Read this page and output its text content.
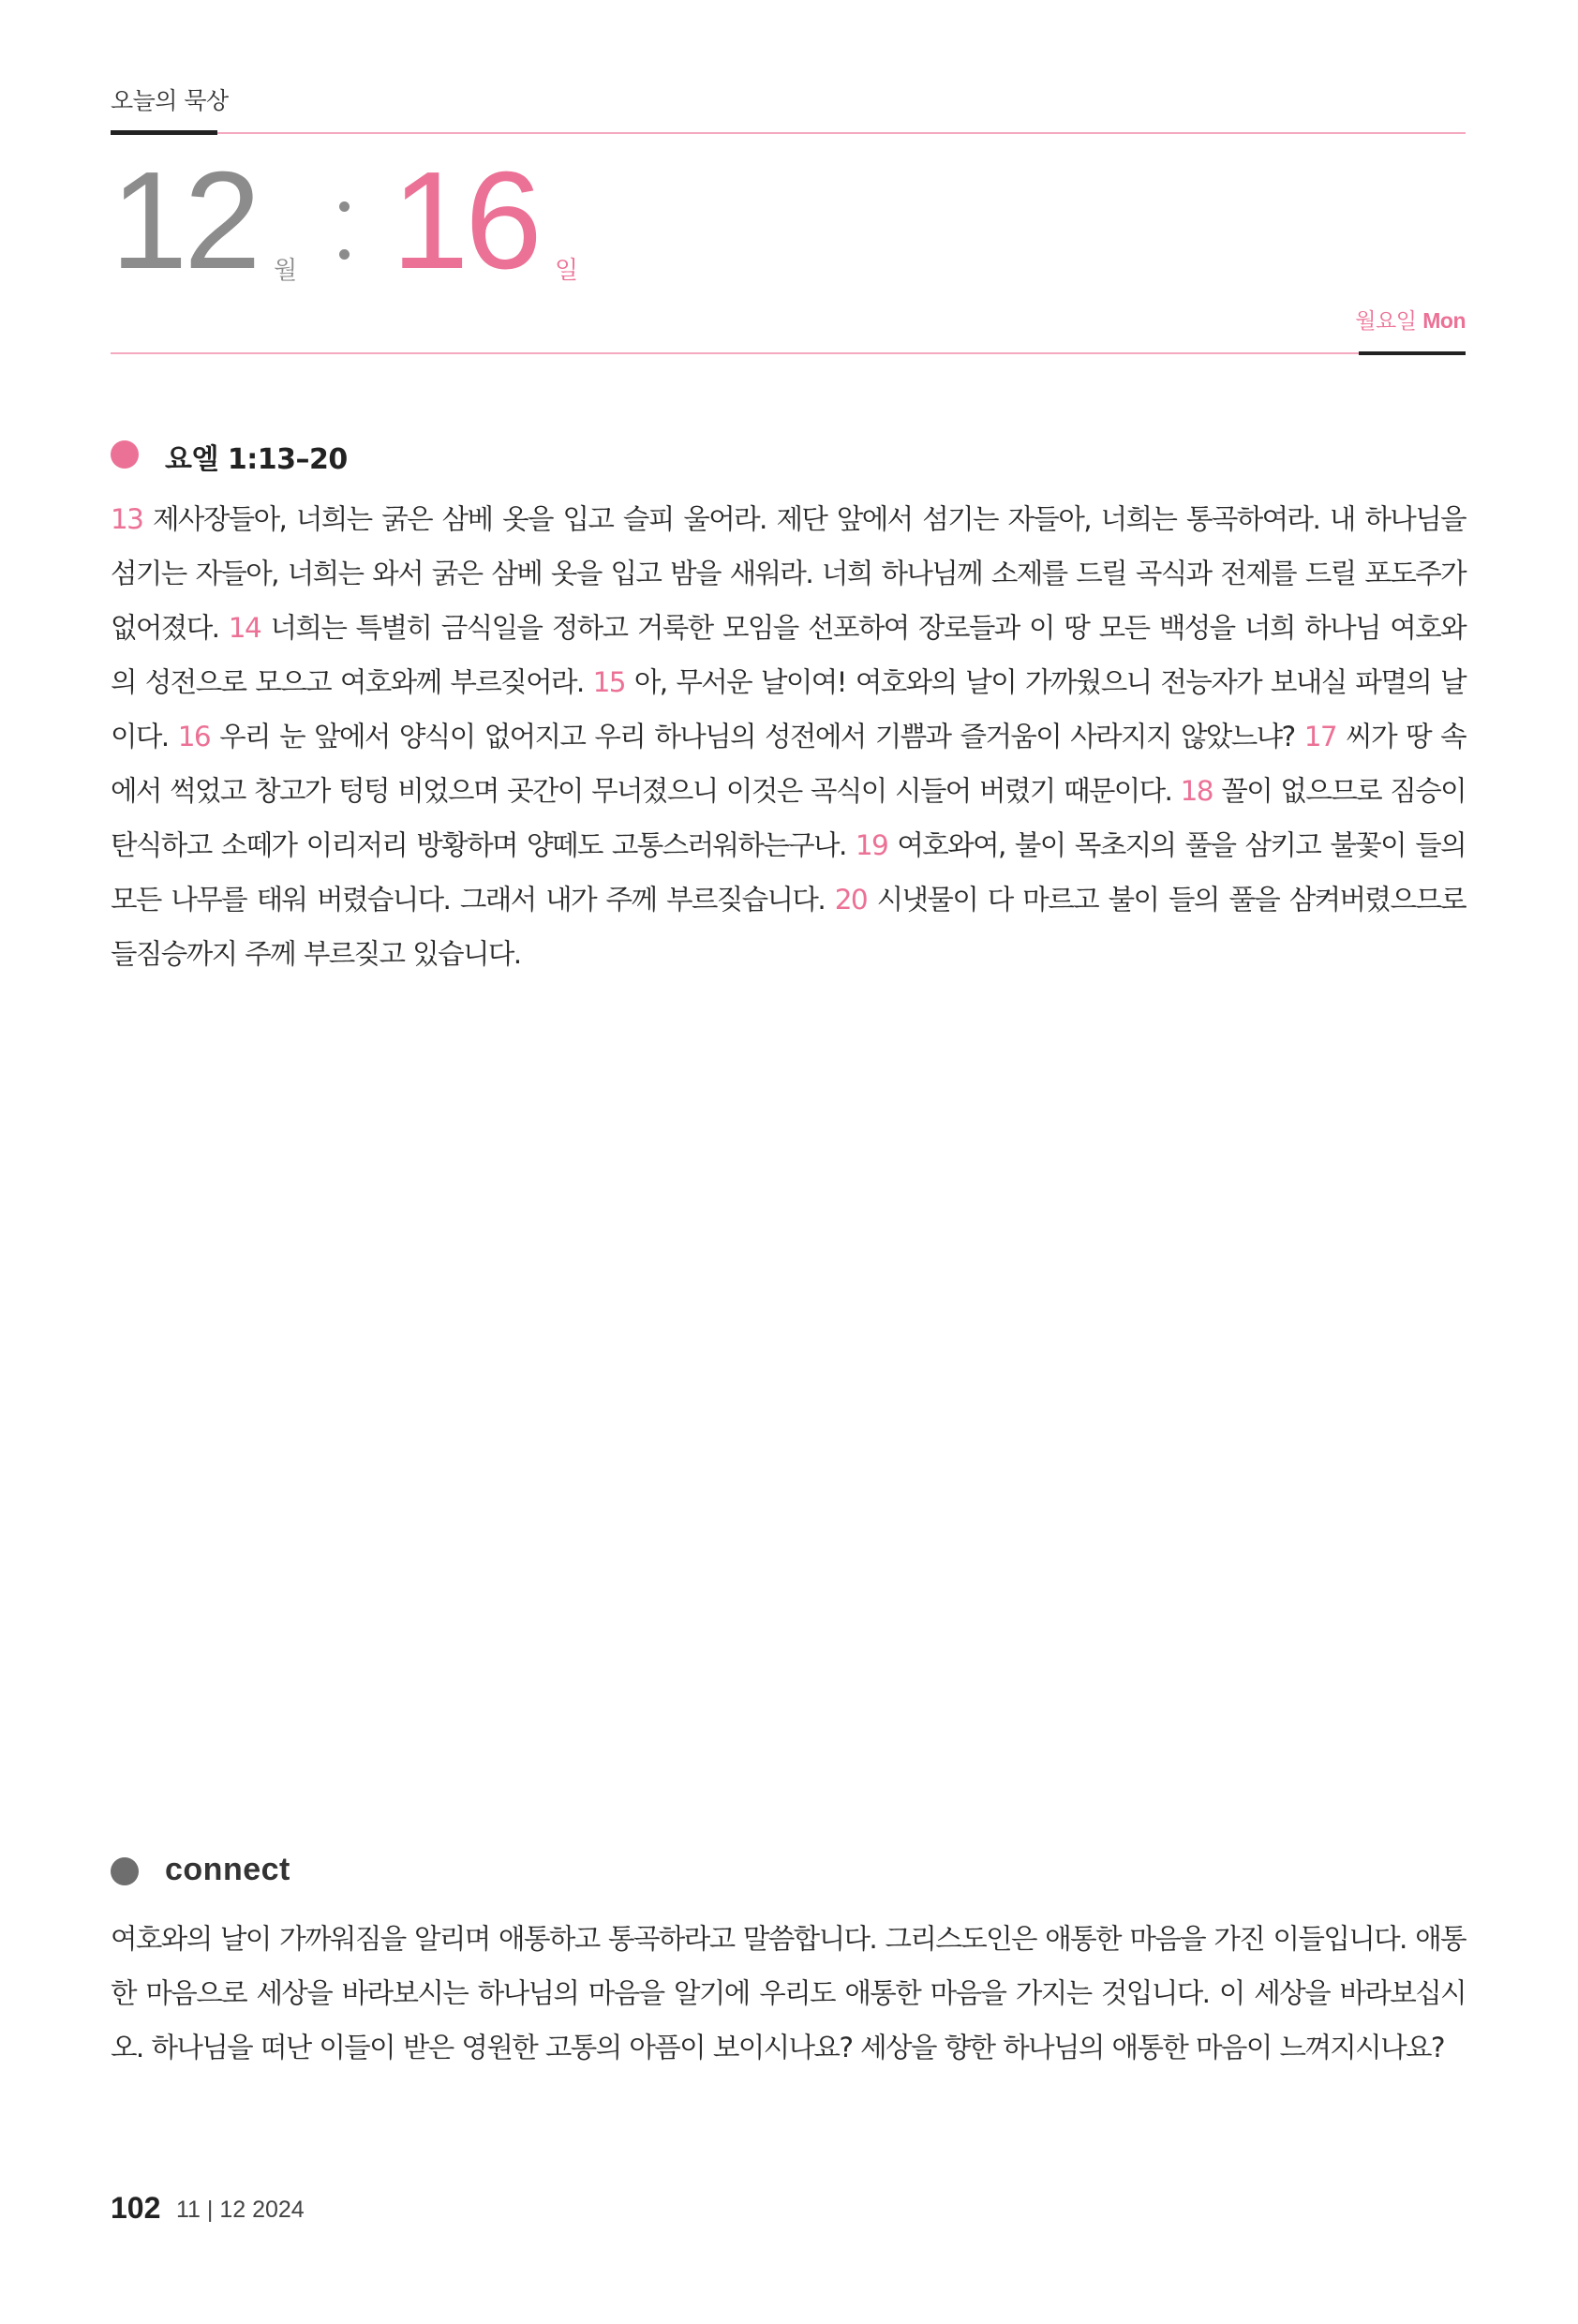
오늘의 묵상
12 월 16 일
월요일 Mon
요엘 1:13–20
13 제사장들아, 너희는 굵은 삼베 옷을 입고 슬피 울어라. 제단 앞에서 섬기는 자들아, 너희는 통곡하여라. 내 하나님을 섬기는 자들아, 너희는 와서 굵은 삼베 옷을 입고 밤을 새워라. 너희 하나님께 소제를 드릴 곡식과 전제를 드릴 포도주가 없어졌다. 14 너희는 특별히 금식일을 정하고 거룩한 모임을 선포하여 장로들과 이 땅 모든 백성을 너희 하나님 여호와의 성전으로 모으고 여호와께 부르짖어라. 15 아, 무서운 날이여! 여호와의 날이 가까웠으니 전능자가 보내실 파멸의 날이다. 16 우리 눈 앞에서 양식이 없어지고 우리 하나님의 성전에서 기쁨과 즐거움이 사라지지 않았느냐? 17 씨가 땅 속에서 썩었고 창고가 텅텅 비었으며 곳간이 무너졌으니 이것은 곡식이 시들어 버렸기 때문이다. 18 꼴이 없으므로 짐승이 탄식하고 소떼가 이리저리 방황하며 양떼도 고통스러워하는구나. 19 여호와여, 불이 목초지의 풀을 삼키고 불꽃이 들의 모든 나무를 태워 버렸습니다. 그래서 내가 주께 부르짖습니다. 20 시냇물이 다 마르고 불이 들의 풀을 삼켜버렸으므로 들짐승까지 주께 부르짖고 있습니다.
connect
여호와의 날이 가까워짐을 알리며 애통하고 통곡하라고 말씀합니다. 그리스도인은 애통한 마음을 가진 이들입니다. 애통한 마음으로 세상을 바라보시는 하나님의 마음을 알기에 우리도 애통한 마음을 가지는 것입니다. 이 세상을 바라보십시오. 하나님을 떠난 이들이 받은 영원한 고통의 아픔이 보이시나요? 세상을 향한 하나님의 애통한 마음이 느껴지시나요?
102 11 | 12 2024
